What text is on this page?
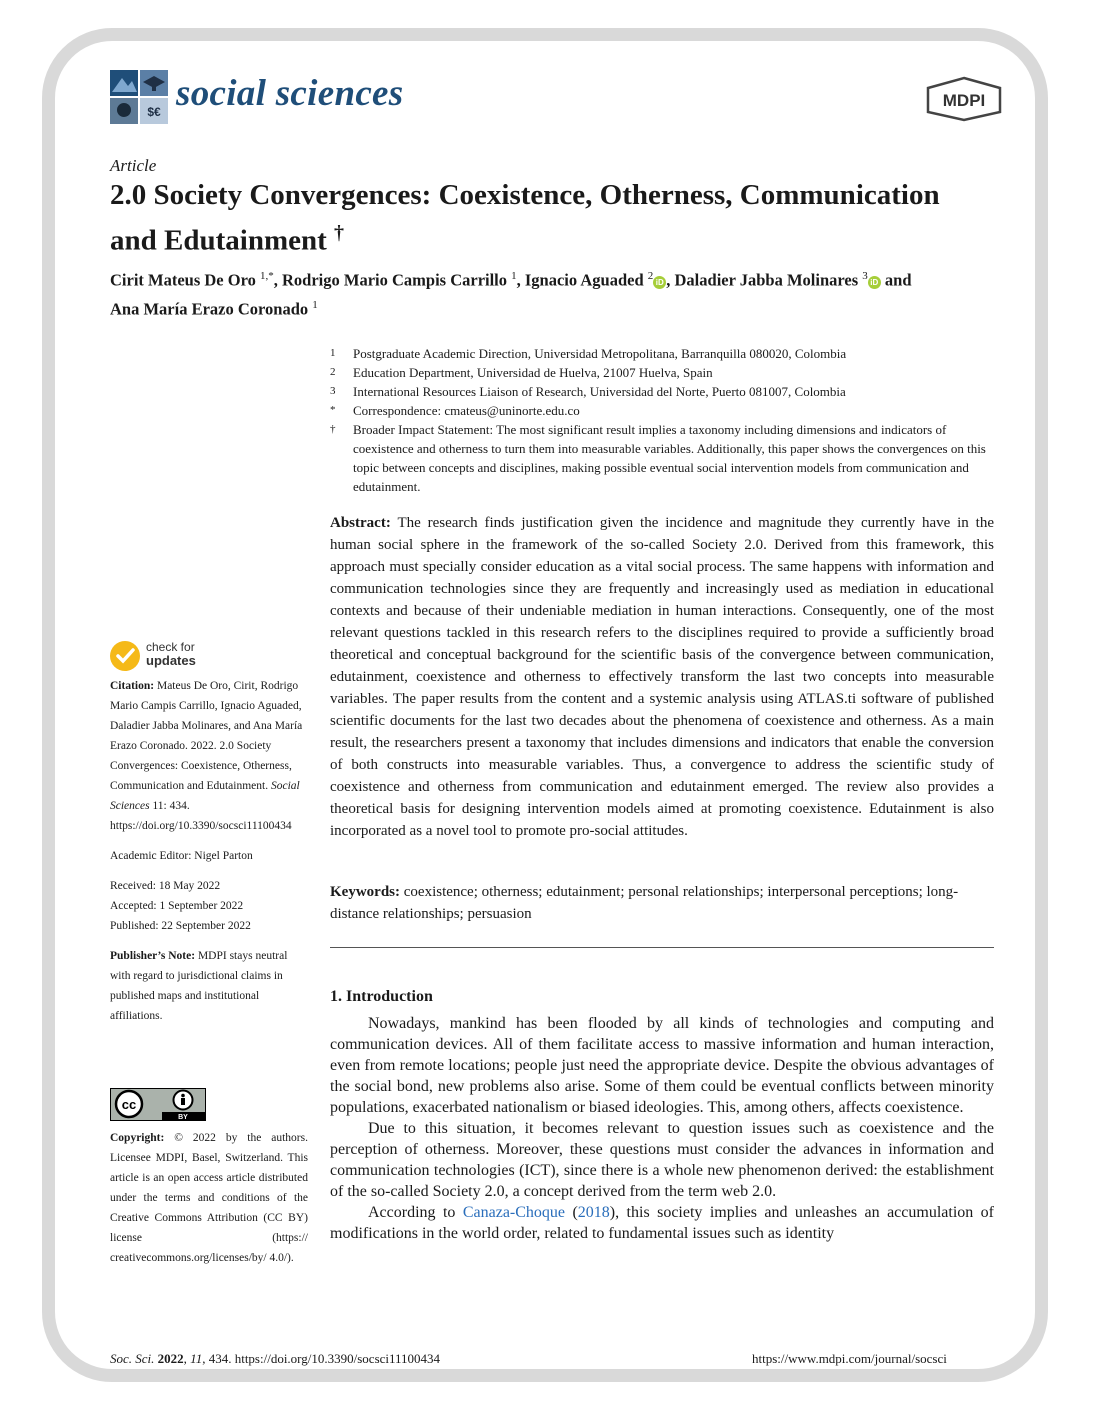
$€ social sciences	MDPI
Article
2.0 Society Convergences: Coexistence, Otherness, Communication and Edutainment †
Cirit Mateus De Oro $^{1,*}$, Rodrigo Mario Campis Carrillo $^1$, Ignacio Aguaded $^2$ iD , Daladier Jabba Molinares $^3$ iD and
Ana María Erazo Coronado $^1$
1	Postgraduate Academic Direction, Universidad Metropolitana, Barranquilla 080020, Colombia
2	Education Department, Universidad de Huelva, 21007 Huelva, Spain
3	International Resources Liaison of Research, Universidad del Norte, Puerto 081007, Colombia
*	Correspondence: cmateus@uninorte.edu.co
†	Broader Impact Statement: The most significant result implies a taxonomy including dimensions and indicators of coexistence and otherness to turn them into measurable variables. Additionally, this paper shows the convergences on this topic between concepts and disciplines, making possible eventual social intervention models from communication and edutainment.
Abstract: The research finds justification given the incidence and magnitude they currently have in the human social sphere in the framework of the so-called Society 2.0. Derived from this framework, this approach must specially consider education as a vital social process. The same happens with information and communication technologies since they are frequently and increasingly used as mediation in educational contexts and because of their undeniable mediation in human interactions. Consequently, one of the most relevant questions tackled in this research refers to the disciplines required to provide a sufficiently broad theoretical and conceptual background for the scientific basis of the convergence between communication, edutainment, coexistence and otherness to effectively transform the last two concepts into measurable variables. The paper results from the content and a systemic analysis using ATLAS.ti software of published scientific documents for the last two decades about the phenomena of coexistence and otherness. As a main result, the researchers present a taxonomy that includes dimensions and indicators that enable the conversion of both constructs into measurable variables. Thus, a convergence to address the scientific study of coexistence and otherness from communication and edutainment emerged. The review also provides a theoretical basis for designing intervention models aimed at promoting coexistence. Edutainment is also incorporated as a novel tool to promote pro-social attitudes.
Keywords: coexistence; otherness; edutainment; personal relationships; interpersonal perceptions; long-distance relationships; persuasion
check for
updates

Citation: Mateus De Oro, Cirit, Rodrigo Mario Campis Carrillo, Ignacio Aguaded, Daladier Jabba Molinares, and Ana María Erazo Coronado. 2022. 2.0 Society Convergences: Coexistence, Otherness, Communication and Edutainment. Social Sciences 11: 434. https://doi.org/10.3390/socsci11100434

Academic Editor: Nigel Parton

Received: 18 May 2022

Accepted: 1 September 2022

Published: 22 September 2022

Publisher’s Note: MDPI stays neutral with regard to jurisdictional claims in published maps and institutional affiliations.

cc
BY

Copyright: © 2022 by the authors. Licensee MDPI, Basel, Switzerland. This article is an open access article distributed under the terms and conditions of the Creative Commons Attribution (CC BY) license (https:// creativecommons.org/licenses/by/ 4.0/).

1. Introduction

Nowadays, mankind has been flooded by all kinds of technologies and computing and communication devices. All of them facilitate access to massive information and human interaction, even from remote locations; people just need the appropriate device. Despite the obvious advantages of the social bond, new problems also arise. Some of them could be eventual conflicts between minority populations, exacerbated nationalism or biased ideologies. This, among others, affects coexistence.

Due to this situation, it becomes relevant to question issues such as coexistence and the perception of otherness. Moreover, these questions must consider the advances in information and communication technologies (ICT), since there is a whole new phenomenon derived: the establishment of the so-called Society 2.0, a concept derived from the term web 2.0.

According to Canaza-Choque (2018), this society implies and unleashes an accumulation of modifications in the world order, related to fundamental issues such as identity

Soc. Sci. 2022, 11, 434. https://doi.org/10.3390/socsci11100434	https://www.mdpi.com/journal/socsci
